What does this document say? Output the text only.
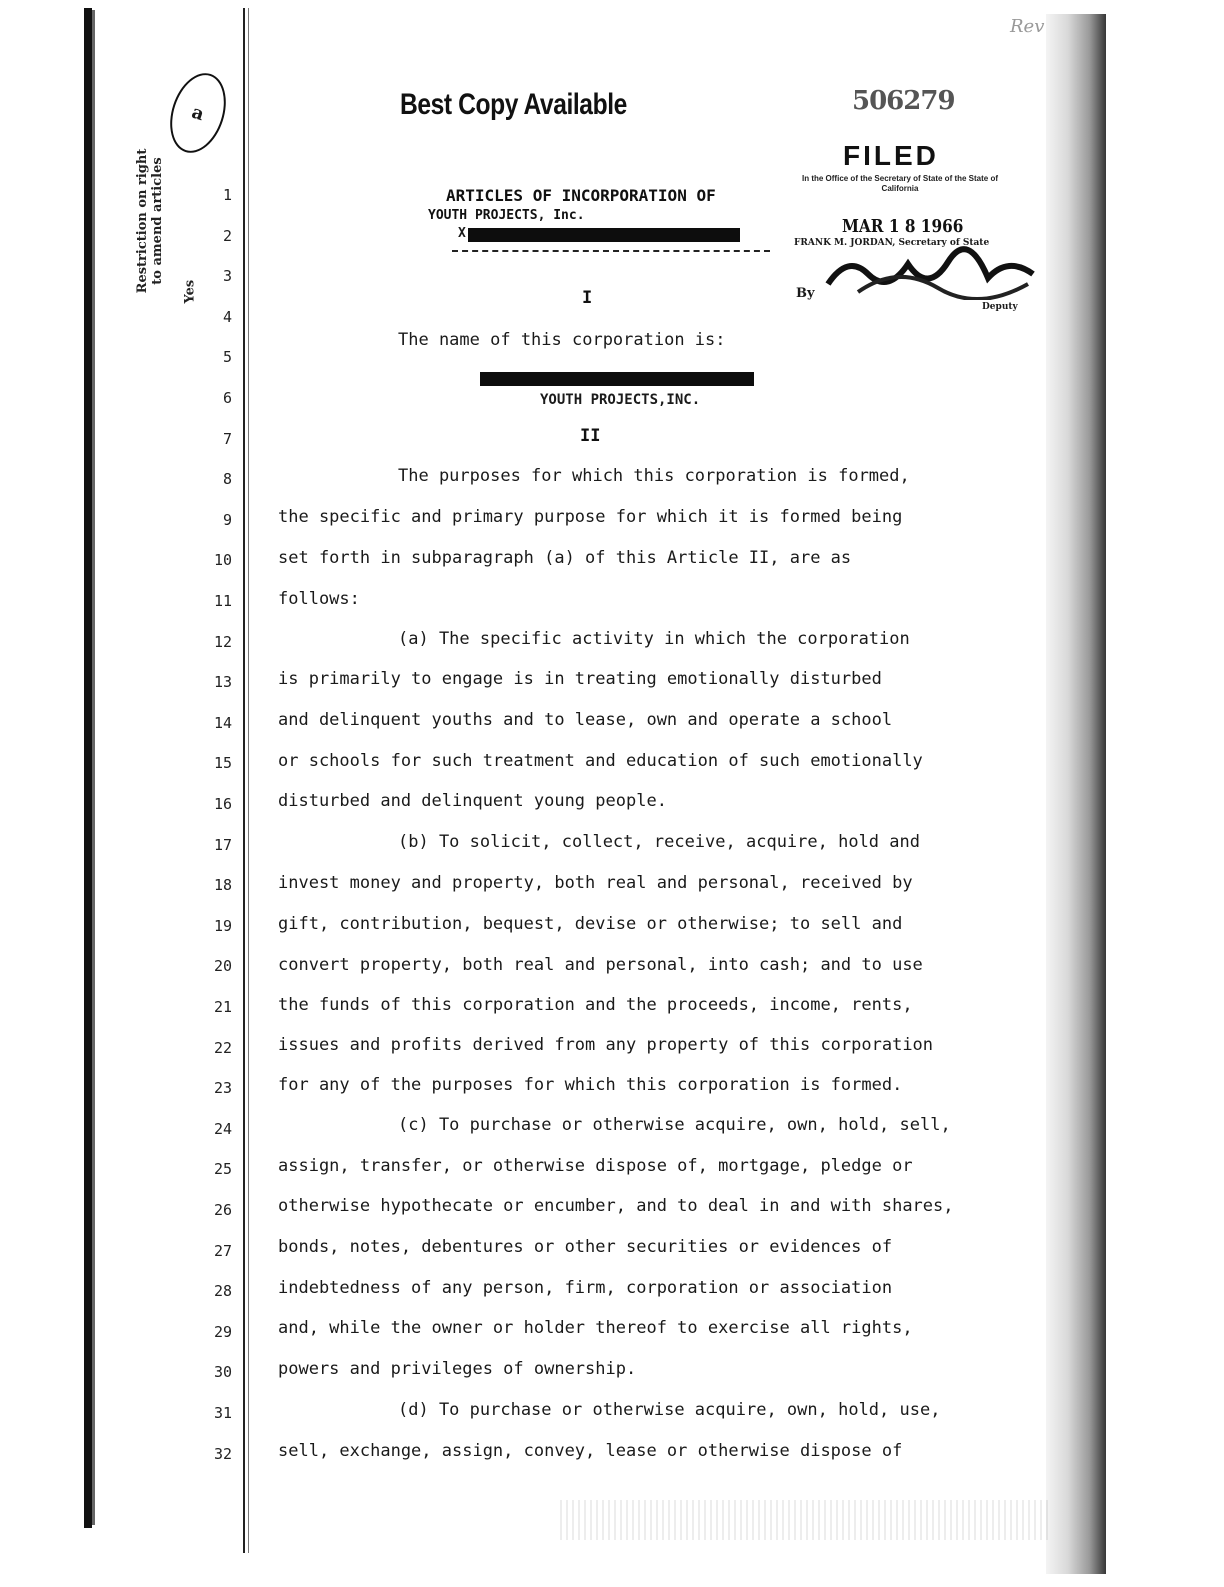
Restriction on right to amend articles
Yes
a
Rev
Best Copy Available	506279
FILED
In the Office of the Secretary of State of the State of California
MAR 1 8 1966
FRANK M. JORDAN, Secretary of State
By
Deputy
ARTICLES OF INCORPORATION OF
YOUTH PROJECTS, Inc.
X
I
The name of this corporation is:
YOUTH PROJECTS,INC.
II
The purposes for which this corporation is formed,
the specific and primary purpose for which it is formed being
set forth in subparagraph (a) of this Article II, are as
follows:
(a) The specific activity in which the corporation
is primarily to engage is in treating emotionally disturbed
and delinquent youths and to lease, own and operate a school
or schools for such treatment and education of such emotionally
disturbed and delinquent young people.
(b) To solicit, collect, receive, acquire, hold and
invest money and property, both real and personal, received by
gift, contribution, bequest, devise or otherwise; to sell and
convert property, both real and personal, into cash; and to use
the funds of this corporation and the proceeds, income, rents,
issues and profits derived from any property of this corporation
for any of the purposes for which this corporation is formed.
(c) To purchase or otherwise acquire, own, hold, sell,
assign, transfer, or otherwise dispose of, mortgage, pledge or
otherwise hypothecate or encumber, and to deal in and with shares,
bonds, notes, debentures or other securities or evidences of
indebtedness of any person, firm, corporation or association
and, while the owner or holder thereof to exercise all rights,
powers and privileges of ownership.
(d) To purchase or otherwise acquire, own, hold, use,
sell, exchange, assign, convey, lease or otherwise dispose of
1
2
3
4
5
6
7
8
9
10
11
12
13
14
15
16
17
18
19
20
21
22
23
24
25
26
27
28
29
30
31
32
